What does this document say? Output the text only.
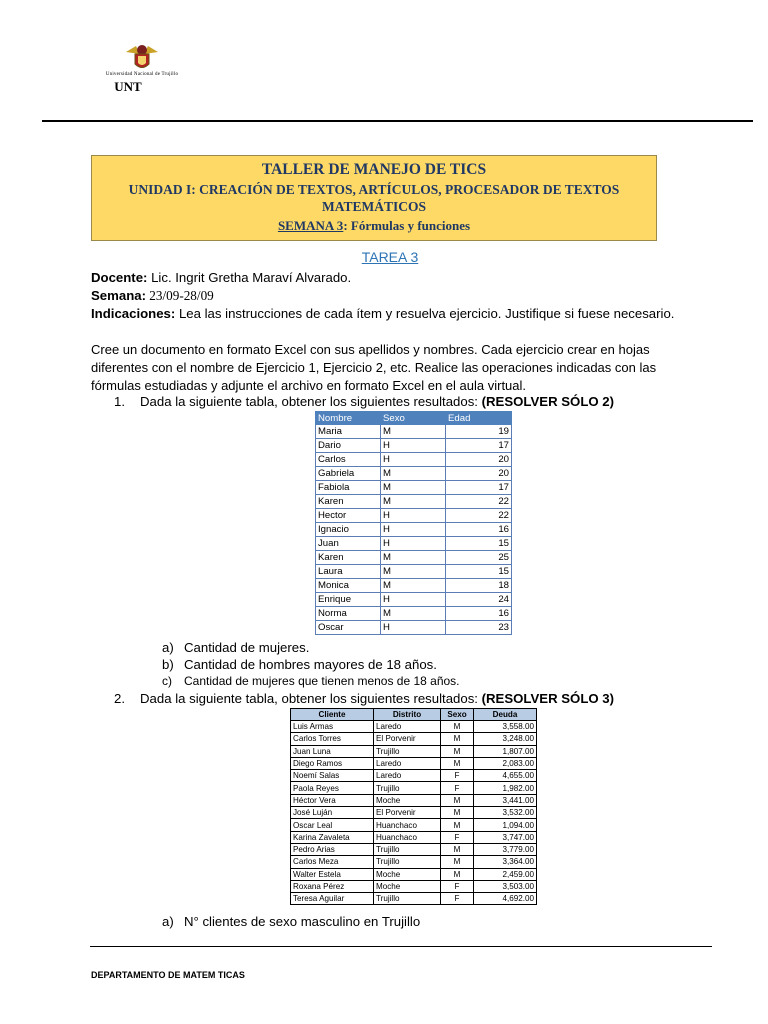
Universidad Nacional de Trujillo
UNT
TALLER DE MANEJO DE TICS
UNIDAD I: CREACIÓN DE TEXTOS, ARTÍCULOS, PROCESADOR DE TEXTOS MATEMÁTICOS
SEMANA 3: Fórmulas y funciones
TAREA 3
Docente: Lic. Ingrit Gretha Maraví Alvarado.
Semana: 23/09-28/09
Indicaciones: Lea las instrucciones de cada ítem y resuelva ejercicio. Justifique si fuese necesario.
Cree un documento en formato Excel con sus apellidos y nombres. Cada ejercicio crear en hojas diferentes con el nombre de Ejercicio 1, Ejercicio 2, etc. Realice las operaciones indicadas con las fórmulas estudiadas y adjunte el archivo en formato Excel en el aula virtual.
1. Dada la siguiente tabla, obtener los siguientes resultados: (RESOLVER SÓLO 2)
Nombre	Sexo	Edad
Maria	M	19
Dario	H	17
Carlos	H	20
Gabriela	M	20
Fabiola	M	17
Karen	M	22
Hector	H	22
Ignacio	H	16
Juan	H	15
Karen	M	25
Laura	M	15
Monica	M	18
Enrique	H	24
Norma	M	16
Oscar	H	23
a) Cantidad de mujeres.
b) Cantidad de hombres mayores de 18 años.
c) Cantidad de mujeres que tienen menos de 18 años.
2. Dada la siguiente tabla, obtener los siguientes resultados: (RESOLVER SÓLO 3)
Cliente	Distrito	Sexo	Deuda
Luis Armas	Laredo	M	3,558.00
Carlos Torres	El Porvenir	M	3,248.00
Juan Luna	Trujillo	M	1,807.00
Diego Ramos	Laredo	M	2,083.00
Noemí Salas	Laredo	F	4,655.00
Paola Reyes	Trujillo	F	1,982.00
Héctor Vera	Moche	M	3,441.00
José Luján	El Porvenir	M	3,532.00
Oscar Leal	Huanchaco	M	1,094.00
Karina Zavaleta	Huanchaco	F	3,747.00
Pedro Arias	Trujillo	M	3,779.00
Carlos Meza	Trujillo	M	3,364.00
Walter Estela	Moche	M	2,459.00
Roxana Pérez	Moche	F	3,503.00
Teresa Aguilar	Trujillo	F	4,692.00
a) N° clientes de sexo masculino en Trujillo
DEPARTAMENTO DE MATEM TICAS
